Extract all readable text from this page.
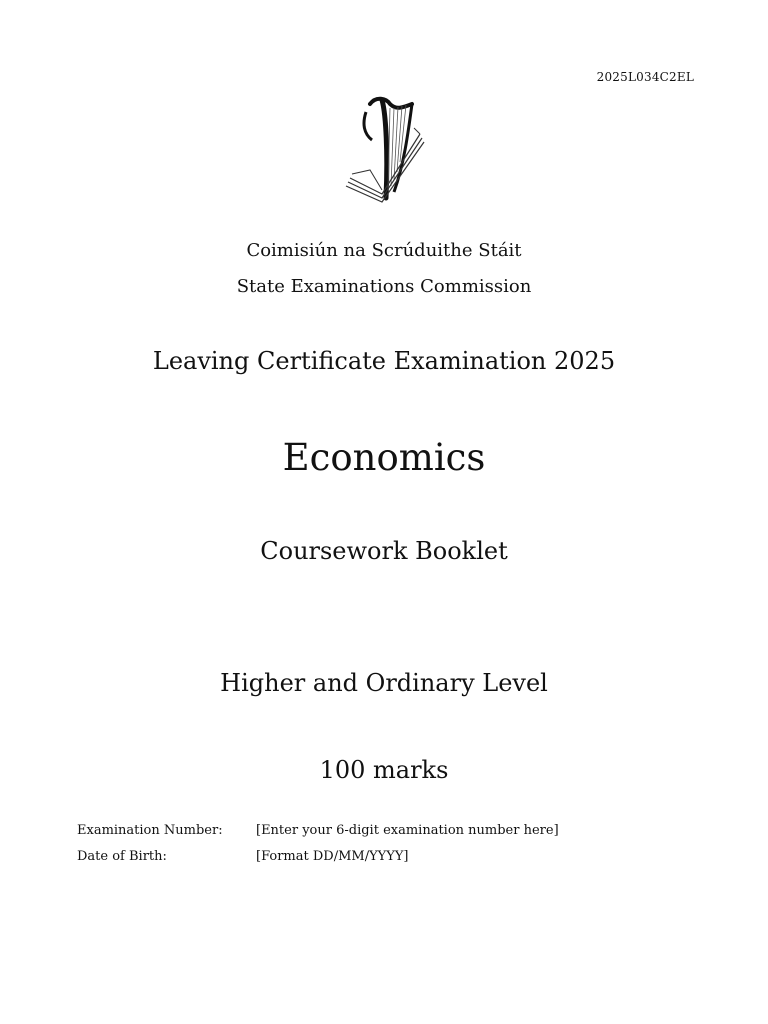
2025L034C2EL
Coimisiún na Scrúduithe Stáit
State Examinations Commission
Leaving Certificate Examination 2025
Economics
Coursework Booklet
Higher and Ordinary Level
100 marks
Examination Number:	[Enter your 6-digit examination number here]
Date of Birth:	[Format DD/MM/YYYY]
